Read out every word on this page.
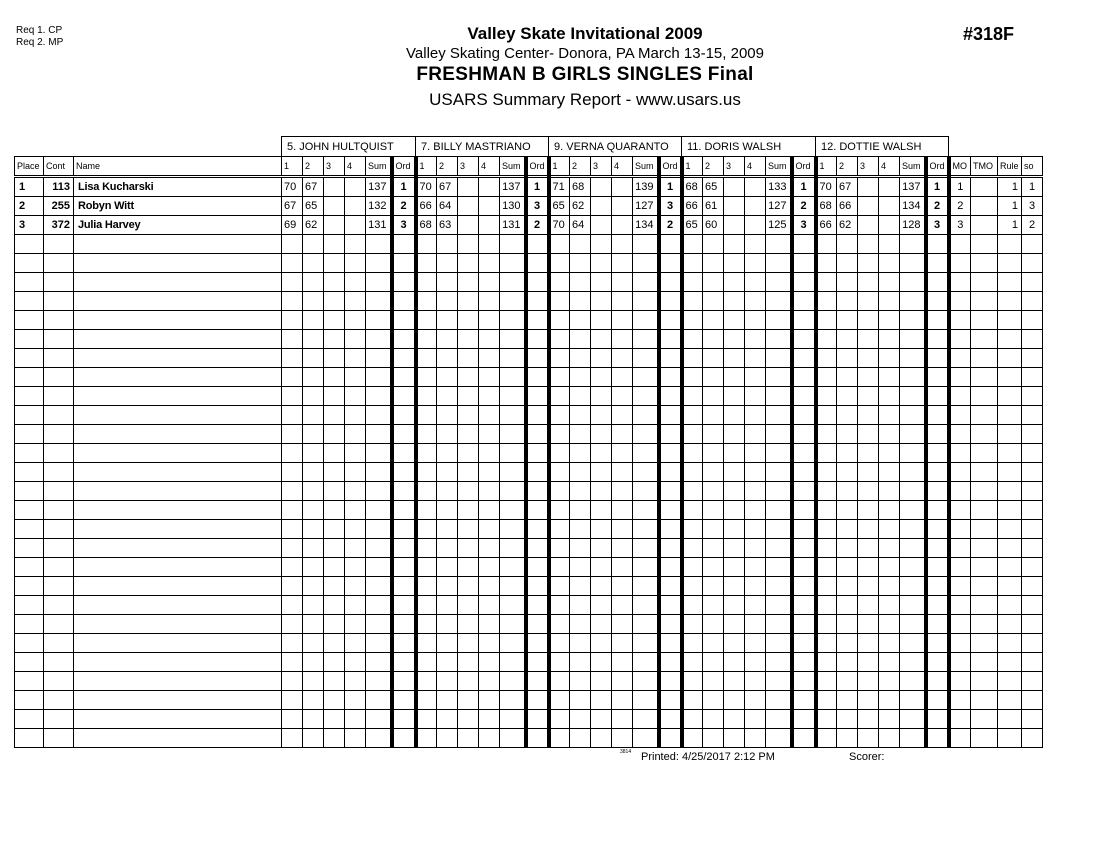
Req 1. CP
Req 2. MP	Valley Skate Invitational 2009
Valley Skating Center- Donora, PA March 13-15, 2009
FRESHMAN B GIRLS SINGLES Final
USARS Summary Report - www.usars.us
#318F
			5. JOHN HULTQUIST						7. BILLY MASTRIANO						9. VERNA QUARANTO						11. DORIS WALSH						12. DOTTIE WALSH									
Place	Cont	Name	1	2	3	4	Sum	Ord	1	2	3	4	Sum	Ord	1	2	3	4	Sum	Ord	1	2	3	4	Sum	Ord	1	2	3	4	Sum	Ord	MO	TMO	Rule	so
1	113	Lisa Kucharski	70	67			137	1	70	67			137	1	71	68			139	1	68	65			133	1	70	67			137	1	1		1	1
2	255	Robyn Witt	67	65			132	2	66	64			130	3	65	62			127	3	66	61			127	2	68	66			134	2	2		1	3
3	372	Julia Harvey	69	62			131	3	68	63			131	2	70	64			134	2	65	60			125	3	66	62			128	3	3		1	2

3814 Printed: 4/25/2017 2:12 PM	Scorer:
